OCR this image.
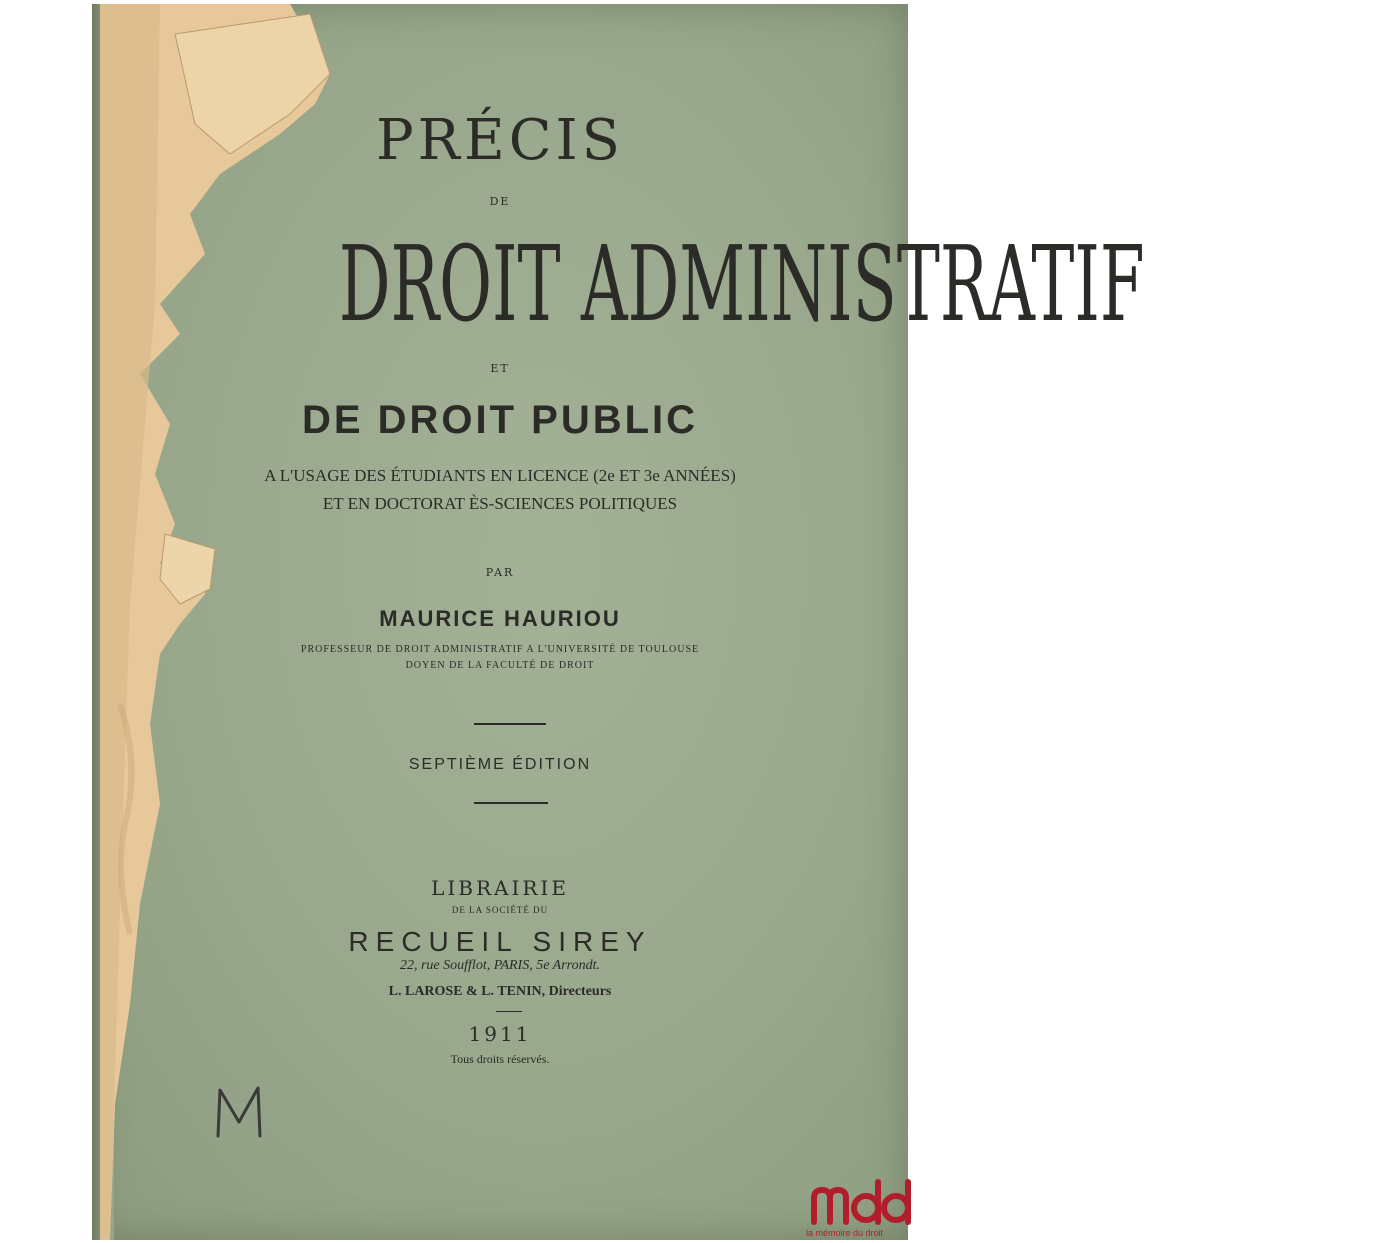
PRÉCIS
DE
DROIT ADMINISTRATIF
ET
DE DROIT PUBLIC
A L'USAGE DES ÉTUDIANTS EN LICENCE (2e ET 3e ANNÉES)
ET EN DOCTORAT ÈS-SCIENCES POLITIQUES
PAR
MAURICE HAURIOU
PROFESSEUR DE DROIT ADMINISTRATIF A L'UNIVERSITÉ DE TOULOUSE
DOYEN DE LA FACULTÉ DE DROIT
SEPTIÈME ÉDITION
LIBRAIRIE
DE LA SOCIÉTÉ DU
RECUEIL SIREY
22, rue Soufflot, PARIS, 5e Arrondt.
L. LAROSE & L. TENIN, Directeurs
1911
Tous droits réservés.
la mémoire du droit
